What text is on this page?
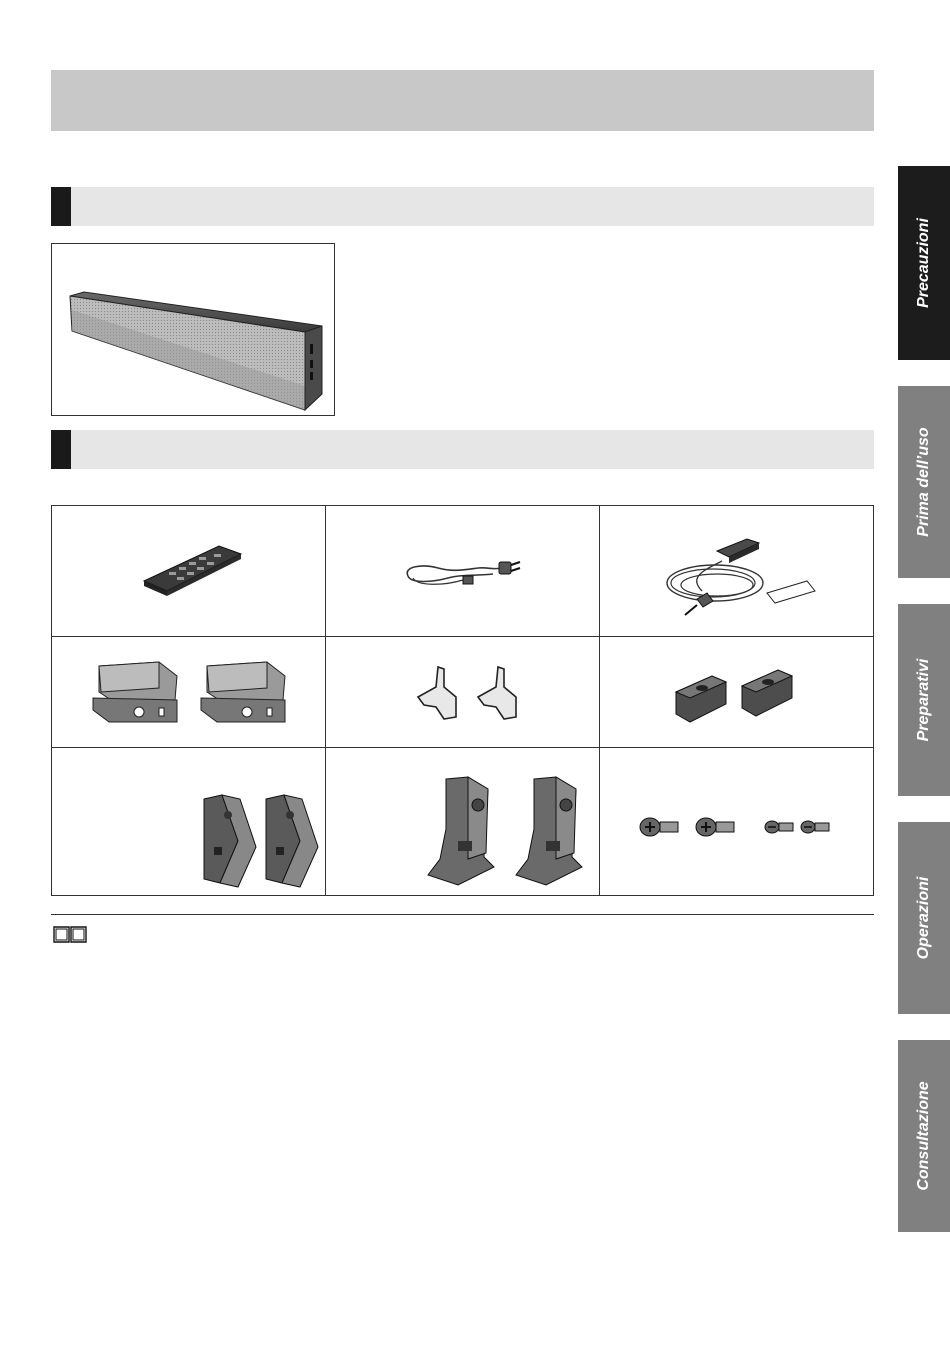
Precauzioni
Prima dell’uso
Preparativi
Operazioni
Consultazione
